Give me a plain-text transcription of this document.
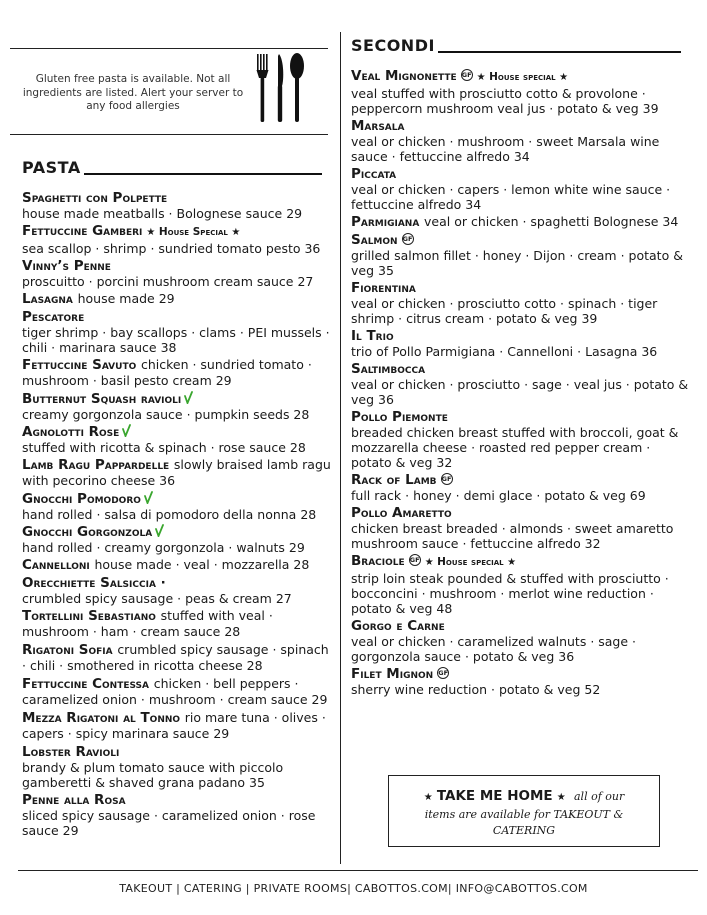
Gluten free pasta is available. Not all
ingredients are listed. Alert your server to
any food allergies
PASTA
Spaghetti con Polpette
house made meatballs · Bolognese sauce 29
Fettuccine Gamberi ★ House Special ★
sea scallop · shrimp · sundried tomato pesto 36
Vinny’s Penne
proscuitto · porcini mushroom cream sauce 27
Lasagna house made 29
Pescatore
tiger shrimp · bay scallops · clams · PEI mussels · chili · marinara sauce 38
Fettuccine Savuto chicken · sundried tomato · mushroom · basil pesto cream 29
Butternut Squash ravioli
creamy gorgonzola sauce · pumpkin seeds 28
Agnolotti Rose
stuffed with ricotta & spinach · rose sauce 28
Lamb Ragu Pappardelle slowly braised lamb ragu with pecorino cheese 36
Gnocchi Pomodoro
hand rolled · salsa di pomodoro della nonna 28
Gnocchi Gorgonzola
hand rolled · creamy gorgonzola · walnuts 29
Cannelloni house made · veal · mozzarella 28
Orecchiette Salsiccia ·
crumbled spicy sausage · peas & cream 27
Tortellini Sebastiano stuffed with veal · mushroom · ham · cream sauce 28
Rigatoni Sofia crumbled spicy sausage · spinach · chili · smothered in ricotta cheese 28
Fettuccine Contessa chicken · bell peppers · caramelized onion · mushroom · cream sauce 29
Mezza Rigatoni al Tonno rio mare tuna · olives · capers · spicy marinara sauce 29
Lobster Ravioli
brandy & plum tomato sauce with piccolo gamberetti & shaved grana padano 35
Penne alla Rosa
sliced spicy sausage · caramelized onion · rose sauce 29
SECONDI
Veal Mignonette GF ★ House special ★
veal stuffed with prosciutto cotto & provolone · peppercorn mushroom veal jus · potato & veg 39
Marsala
veal or chicken · mushroom · sweet Marsala wine sauce · fettuccine alfredo 34
Piccata
veal or chicken · capers · lemon white wine sauce · fettuccine alfredo 34
Parmigiana veal or chicken · spaghetti Bolognese 34
Salmon GF
grilled salmon fillet · honey · Dijon · cream · potato & veg 35
Fiorentina
veal or chicken · prosciutto cotto · spinach · tiger shrimp · citrus cream · potato & veg 39
Il Trio
trio of Pollo Parmigiana · Cannelloni · Lasagna 36
Saltimbocca
veal or chicken · prosciutto · sage · veal jus · potato & veg 36
Pollo Piemonte
breaded chicken breast stuffed with broccoli, goat & mozzarella cheese · roasted red pepper cream · potato & veg 32
Rack of Lamb GF
full rack · honey · demi glace · potato & veg 69
Pollo Amaretto
chicken breast breaded · almonds · sweet amaretto mushroom sauce · fettuccine alfredo 32
Braciole GF ★ House special ★
strip loin steak pounded & stuffed with prosciutto · bocconcini · mushroom · merlot wine reduction · potato & veg 48
Gorgo e Carne
veal or chicken · caramelized walnuts · sage · gorgonzola sauce · potato & veg 36
Filet Mignon GF
sherry wine reduction · potato & veg 52
★ TAKE ME HOME ★ all of our
items are available for TAKEOUT &
CATERING
TAKEOUT | CATERING | PRIVATE ROOMS| CABOTTOS.COM| INFO@CABOTTOS.COM
